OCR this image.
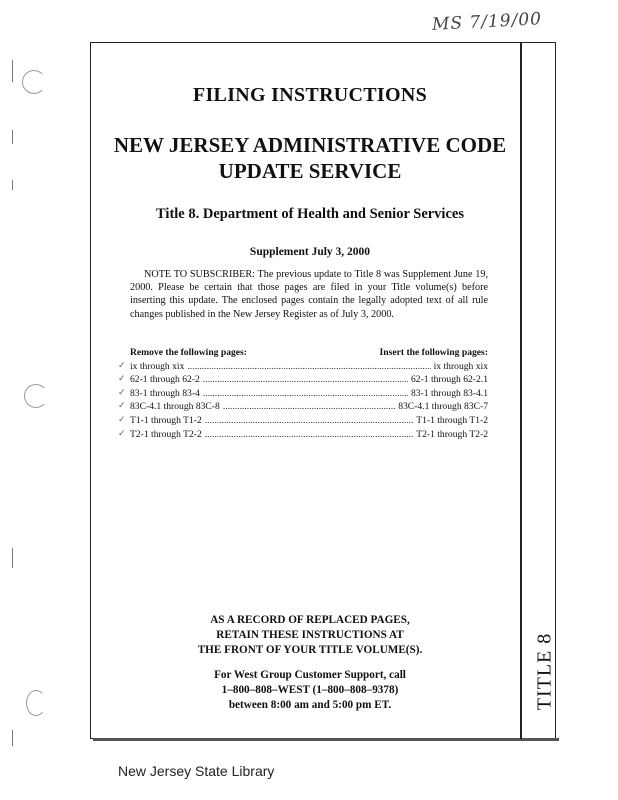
MS 7/19/00
TITLE 8
FILING INSTRUCTIONS
NEW JERSEY ADMINISTRATIVE CODE
UPDATE SERVICE
Title 8. Department of Health and Senior Services
Supplement July 3, 2000
NOTE TO SUBSCRIBER: The previous update to Title 8 was Supplement June 19, 2000. Please be certain that those pages are filed in your Title volume(s) before inserting this update. The enclosed pages contain the legally adopted text of all rule changes published in the New Jersey Register as of July 3, 2000.
Remove the following pages:	Insert the following pages:
✓ ix through xix .....	ix through xix
✓ 62-1 through 62-2 .....	62-1 through 62-2.1
✓ 83-1 through 83-4 .....	83-1 through 83-4.1
✓ 83C-4.1 through 83C-8 .....	83C-4.1 through 83C-7
✓ T1-1 through T1-2 .....	T1-1 through T1-2
✓ T2-1 through T2-2 .....	T2-1 through T2-2
AS A RECORD OF REPLACED PAGES,
RETAIN THESE INSTRUCTIONS AT
THE FRONT OF YOUR TITLE VOLUME(S).
For West Group Customer Support, call
1–800–808–WEST (1–800–808–9378)
between 8:00 am and 5:00 pm ET.
New Jersey State Library
